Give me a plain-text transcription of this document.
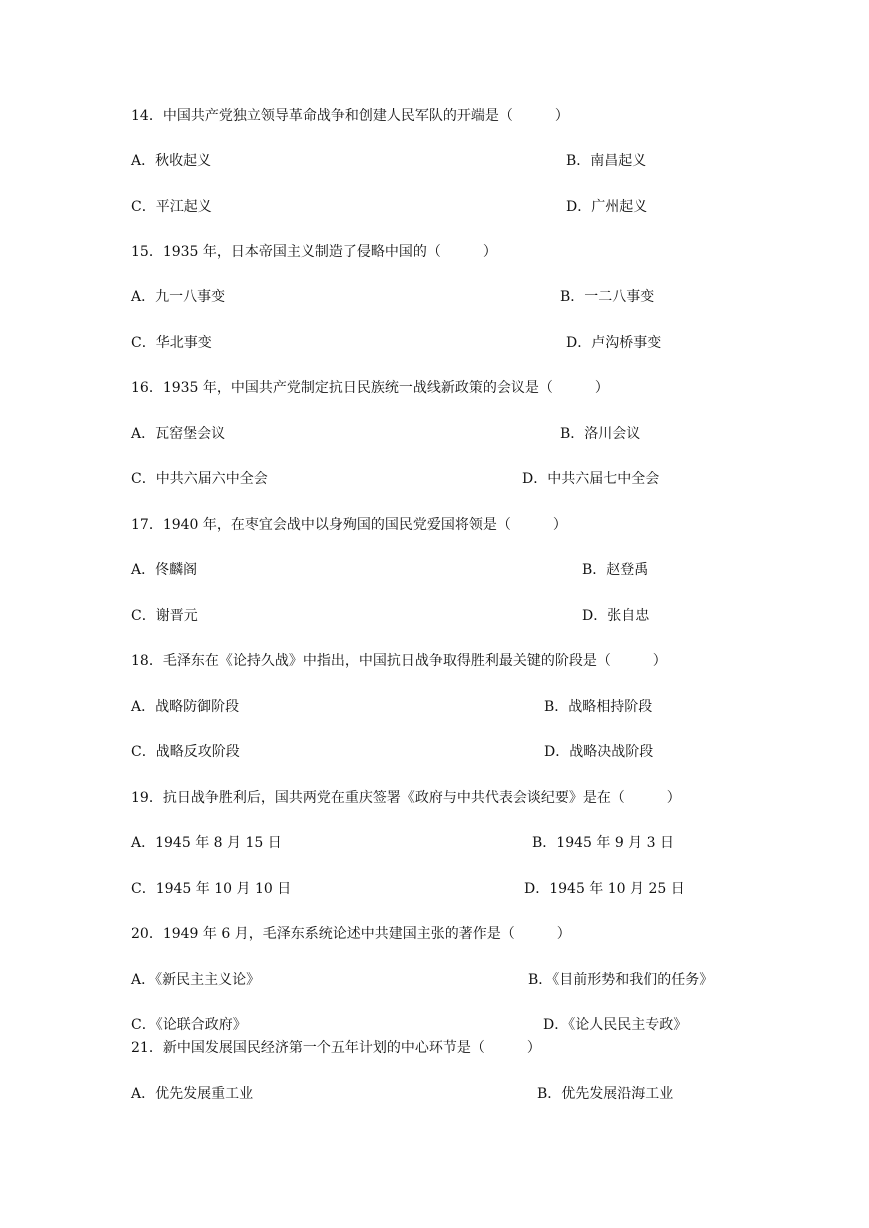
14．中国共产党独立领导革命战争和创建人民军队的开端是（　　　）
A．秋收起义	B．南昌起义
C．平江起义	D．广州起义
15．1935 年，日本帝国主义制造了侵略中国的（　　　）
A．九一八事变	B．一二八事变
C．华北事变	D．卢沟桥事变
16．1935 年，中国共产党制定抗日民族统一战线新政策的会议是（　　　）
A．瓦窑堡会议	B．洛川会议
C．中共六届六中全会	D．中共六届七中全会
17．1940 年，在枣宜会战中以身殉国的国民党爱国将领是（　　　）
A．佟麟阁	B．赵登禹
C．谢晋元	D．张自忠
18．毛泽东在《论持久战》中指出，中国抗日战争取得胜利最关键的阶段是（　　　）
A．战略防御阶段	B．战略相持阶段
C．战略反攻阶段	D．战略决战阶段
19．抗日战争胜利后，国共两党在重庆签署《政府与中共代表会谈纪要》是在（　　　）
A．1945 年 8 月 15 日	B．1945 年 9 月 3 日
C．1945 年 10 月 10 日	D．1945 年 10 月 25 日
20．1949 年 6 月，毛泽东系统论述中共建国主张的著作是（　　　）
A．《新民主主义论》	B．《目前形势和我们的任务》
C．《论联合政府》	D．《论人民民主专政》
21．新中国发展国民经济第一个五年计划的中心环节是（　　　）
A．优先发展重工业	B．优先发展沿海工业
